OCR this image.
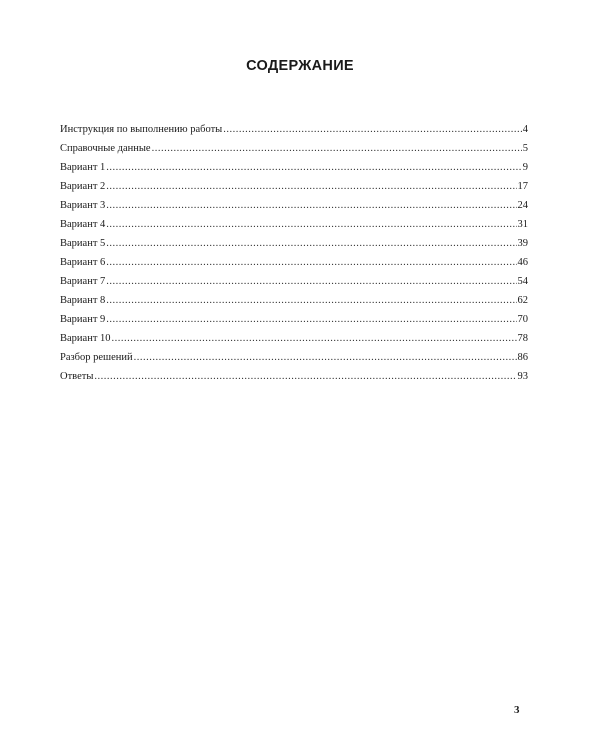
СОДЕРЖАНИЕ
Инструкция по выполнению работы .....	4
Справочные данные .....	5
Вариант 1 .....	9
Вариант 2 .....	17
Вариант 3 .....	24
Вариант 4 .....	31
Вариант 5 .....	39
Вариант 6 .....	46
Вариант 7 .....	54
Вариант 8 .....	62
Вариант 9 .....	70
Вариант 10 .....	78
Разбор решений .....	86
Ответы .....	93
3
